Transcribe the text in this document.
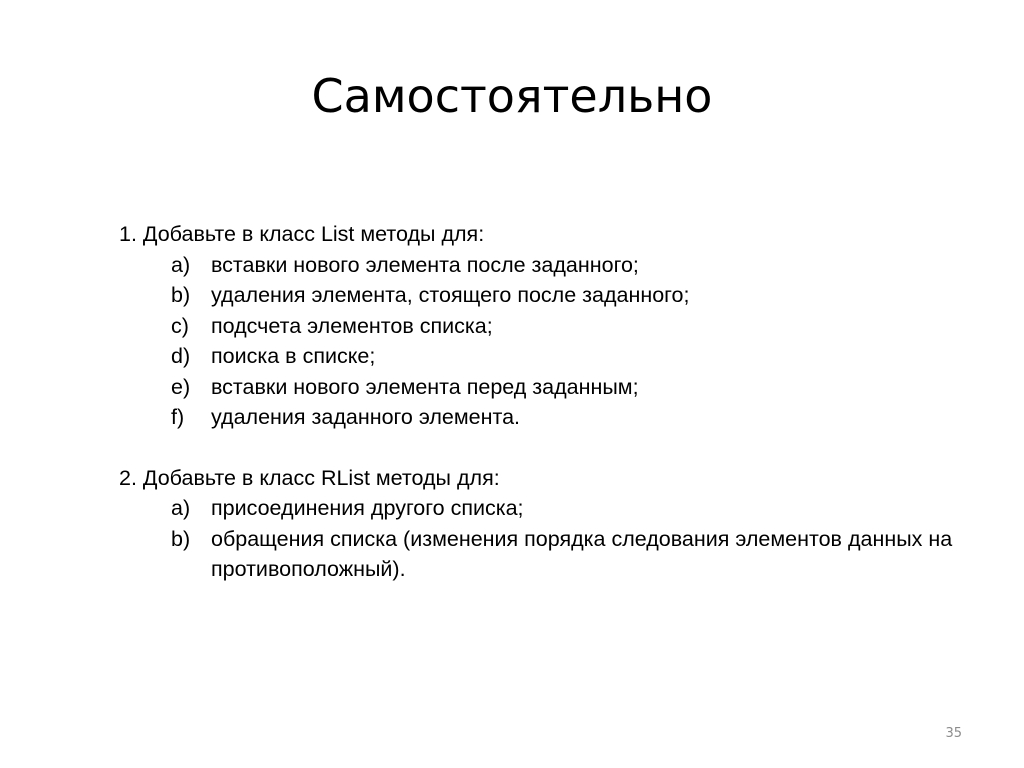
Самостоятельно
1. Добавьте в класс List методы для:
a) вставки нового элемента после заданного;
b) удаления элемента, стоящего после заданного;
c)	подсчета элементов списка;
d) поиска в списке;
e) вставки нового элемента перед заданным;
f)	удаления заданного элемента.
2. Добавьте в класс RList методы для:
a) присоединения другого списка;
b) обращения списка (изменения порядка следования элементов данных на противоположный).
35
